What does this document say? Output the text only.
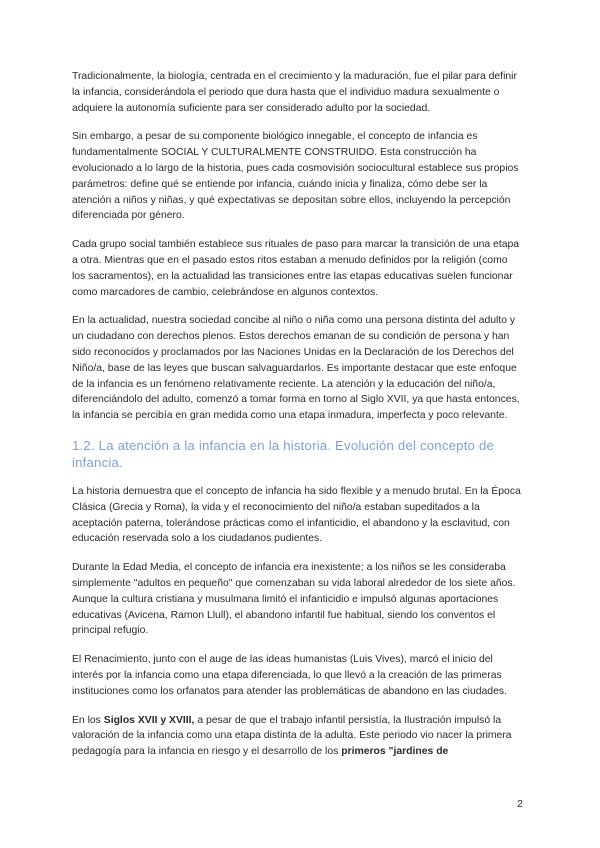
Tradicionalmente, la biología, centrada en el crecimiento y la maduración, fue el pilar para definir la infancia, considerándola el periodo que dura hasta que el individuo madura sexualmente o adquiere la autonomía suficiente para ser considerado adulto por la sociedad.

Sin embargo, a pesar de su componente biológico innegable, el concepto de infancia es fundamentalmente SOCIAL Y CULTURALMENTE CONSTRUIDO. Esta construcción ha evolucionado a lo largo de la historia, pues cada cosmovisión sociocultural establece sus propios parámetros: define qué se entiende por infancia, cuándo inicia y finaliza, cómo debe ser la atención a niños y niñas, y qué expectativas se depositan sobre ellos, incluyendo la percepción diferenciada por género.

Cada grupo social también establece sus rituales de paso para marcar la transición de una etapa a otra. Mientras que en el pasado estos ritos estaban a menudo definidos por la religión (como los sacramentos), en la actualidad las transiciones entre las etapas educativas suelen funcionar como marcadores de cambio, celebrándose en algunos contextos.

En la actualidad, nuestra sociedad concibe al niño o niña como una persona distinta del adulto y un ciudadano con derechos plenos. Estos derechos emanan de su condición de persona y han sido reconocidos y proclamados por las Naciones Unidas en la Declaración de los Derechos del Niño/a, base de las leyes que buscan salvaguardarlos. Es importante destacar que este enfoque de la infancia es un fenómeno relativamente reciente. La atención y la educación del niño/a, diferenciándolo del adulto, comenzó a tomar forma en torno al Siglo XVII, ya que hasta entonces, la infancia se percibía en gran medida como una etapa inmadura, imperfecta y poco relevante.

1.2. La atención a la infancia en la historia. Evolución del concepto de infancia.

La historia demuestra que el concepto de infancia ha sido flexible y a menudo brutal. En la Época Clásica (Grecia y Roma), la vida y el reconocimiento del niño/a estaban supeditados a la aceptación paterna, tolerándose prácticas como el infanticidio, el abandono y la esclavitud, con educación reservada solo a los ciudadanos pudientes.

Durante la Edad Media, el concepto de infancia era inexistente; a los niños se les consideraba simplemente "adultos en pequeño" que comenzaban su vida laboral alrededor de los siete años. Aunque la cultura cristiana y musulmana limitó el infanticidio e impulsó algunas aportaciones educativas (Avicena, Ramon Llull), el abandono infantil fue habitual, siendo los conventos el principal refugio.

El Renacimiento, junto con el auge de las ideas humanistas (Luis Vives), marcó el inicio del interés por la infancia como una etapa diferenciada, lo que llevó a la creación de las primeras instituciones como los orfanatos para atender las problemáticas de abandono en las ciudades.

En los Siglos XVII y XVIII, a pesar de que el trabajo infantil persistía, la Ilustración impulsó la valoración de la infancia como una etapa distinta de la adulta. Este periodo vio nacer la primera pedagogía para la infancia en riesgo y el desarrollo de los primeros "jardines de

2
